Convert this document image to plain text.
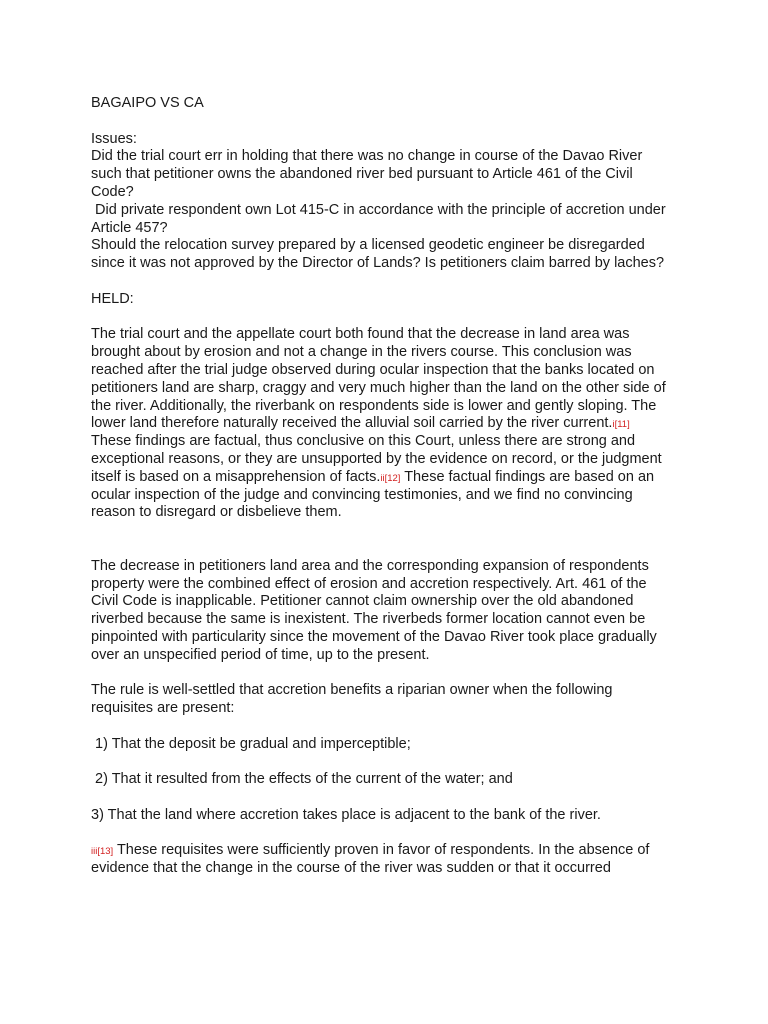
BAGAIPO VS CA

Issues:

Did the trial court err in holding that there was no change in course of the Davao River such that petitioner owns the abandoned river bed pursuant to Article 461 of the Civil Code?

Did private respondent own Lot 415-C in accordance with the principle of accretion under Article 457?

Should the relocation survey prepared by a licensed geodetic engineer be disregarded since it was not approved by the Director of Lands? Is petitioners claim barred by laches?

HELD:

The trial court and the appellate court both found that the decrease in land area was brought about by erosion and not a change in the rivers course. This conclusion was reached after the trial judge observed during ocular inspection that the banks located on petitioners land are sharp, craggy and very much higher than the land on the other side of the river. Additionally, the riverbank on respondents side is lower and gently sloping. The lower land therefore naturally received the alluvial soil carried by the river current.i[11] These findings are factual, thus conclusive on this Court, unless there are strong and exceptional reasons, or they are unsupported by the evidence on record, or the judgment itself is based on a misapprehension of facts.ii[12] These factual findings are based on an ocular inspection of the judge and convincing testimonies, and we find no convincing reason to disregard or disbelieve them.

The decrease in petitioners land area and the corresponding expansion of respondents property were the combined effect of erosion and accretion respectively. Art. 461 of the Civil Code is inapplicable. Petitioner cannot claim ownership over the old abandoned riverbed because the same is inexistent. The riverbeds former location cannot even be pinpointed with particularity since the movement of the Davao River took place gradually over an unspecified period of time, up to the present.

The rule is well-settled that accretion benefits a riparian owner when the following requisites are present:

1) That the deposit be gradual and imperceptible;

2) That it resulted from the effects of the current of the water; and

3) That the land where accretion takes place is adjacent to the bank of the river.

iii[13] These requisites were sufficiently proven in favor of respondents. In the absence of evidence that the change in the course of the river was sudden or that it occurred
